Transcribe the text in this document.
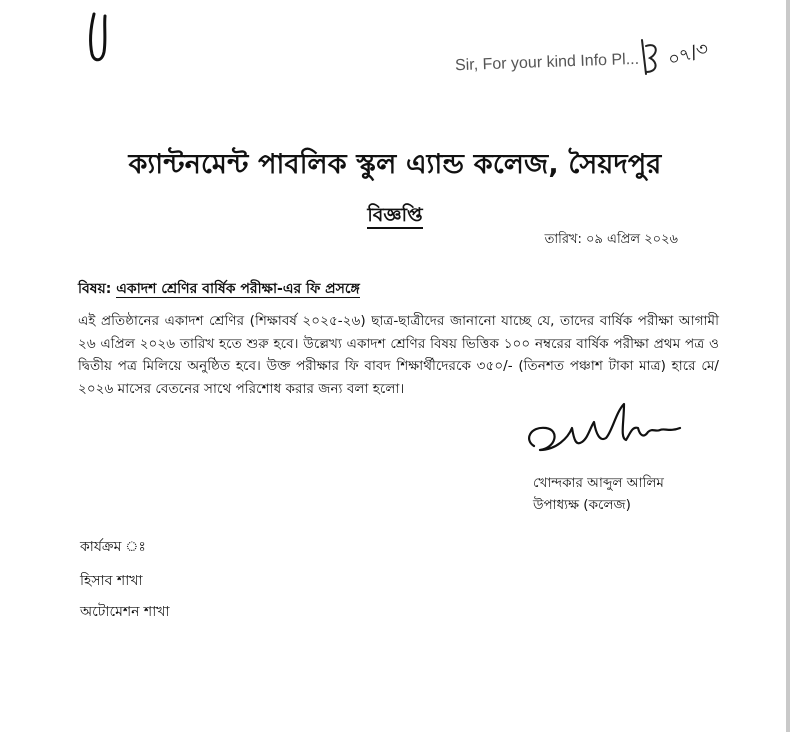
Sir, For your kind Info Pl... ০৭/৩
ক্যান্টনমেন্ট পাবলিক স্কুল এ্যান্ড কলেজ, সৈয়দপুর
বিজ্ঞপ্তি
তারিখ: ০৯ এপ্রিল ২০২৬
বিষয়: একাদশ শ্রেণির বার্ষিক পরীক্ষা-এর ফি প্রসঙ্গে
এই প্রতিষ্ঠানের একাদশ শ্রেণির (শিক্ষাবর্ষ ২০২৫-২৬) ছাত্র-ছাত্রীদের জানানো যাচ্ছে যে, তাদের বার্ষিক পরীক্ষা আগামী ২৬ এপ্রিল ২০২৬ তারিখ হতে শুরু হবে। উল্লেখ্য একাদশ শ্রেণির বিষয় ভিত্তিক ১০০ নম্বরের বার্ষিক পরীক্ষা প্রথম পত্র ও দ্বিতীয় পত্র মিলিয়ে অনুষ্ঠিত হবে। উক্ত পরীক্ষার ফি বাবদ শিক্ষার্থীদেরকে ৩৫০/- (তিনশত পঞ্চাশ টাকা মাত্র) হারে মে/২০২৬ মাসের বেতনের সাথে পরিশোধ করার জন্য বলা হলো।
খোন্দকার আব্দুল আলিম
উপাধ্যক্ষ (কলেজ)
কার্যক্রম ঃ
হিসাব শাখা
অটোমেশন শাখা
